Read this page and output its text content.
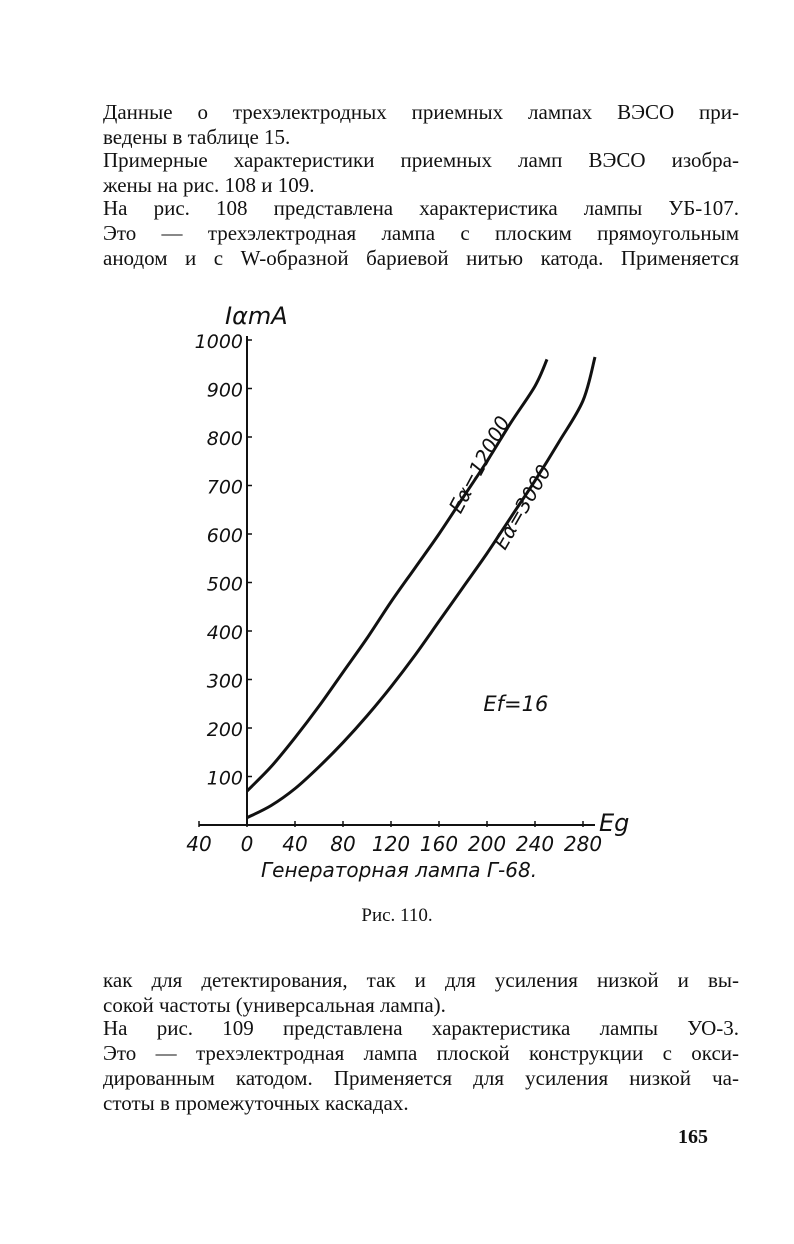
Данные о трехэлектродных приемных лампах ВЭСО при-
ведены в таблице 15.

Примерные характеристики приемных ламп ВЭСО изобра-
жены на рис. 108 и 109.

На рис. 108 представлена характеристика лампы УБ-107.
Это — трехэлектродная лампа с плоским прямоугольным
анодом и с W-образной бариевой нитью катода. Применяется

100
200
300
400
500
600
700
800
900
1000
40 0 40 80 120 160 200 240 280
Eα=12000
Eα=3000
IαmA
Eg
Ef=16
Генераторная лампа Г-68.
Рис. 110.

как для детектирования, так и для усиления низкой и вы-
сокой частоты (универсальная лампа).

На рис. 109 представлена характеристика лампы УО-3.
Это — трехэлектродная лампа плоской конструкции с окси-
дированным катодом. Применяется для усиления низкой ча-
стоты в промежуточных каскадах.

165
